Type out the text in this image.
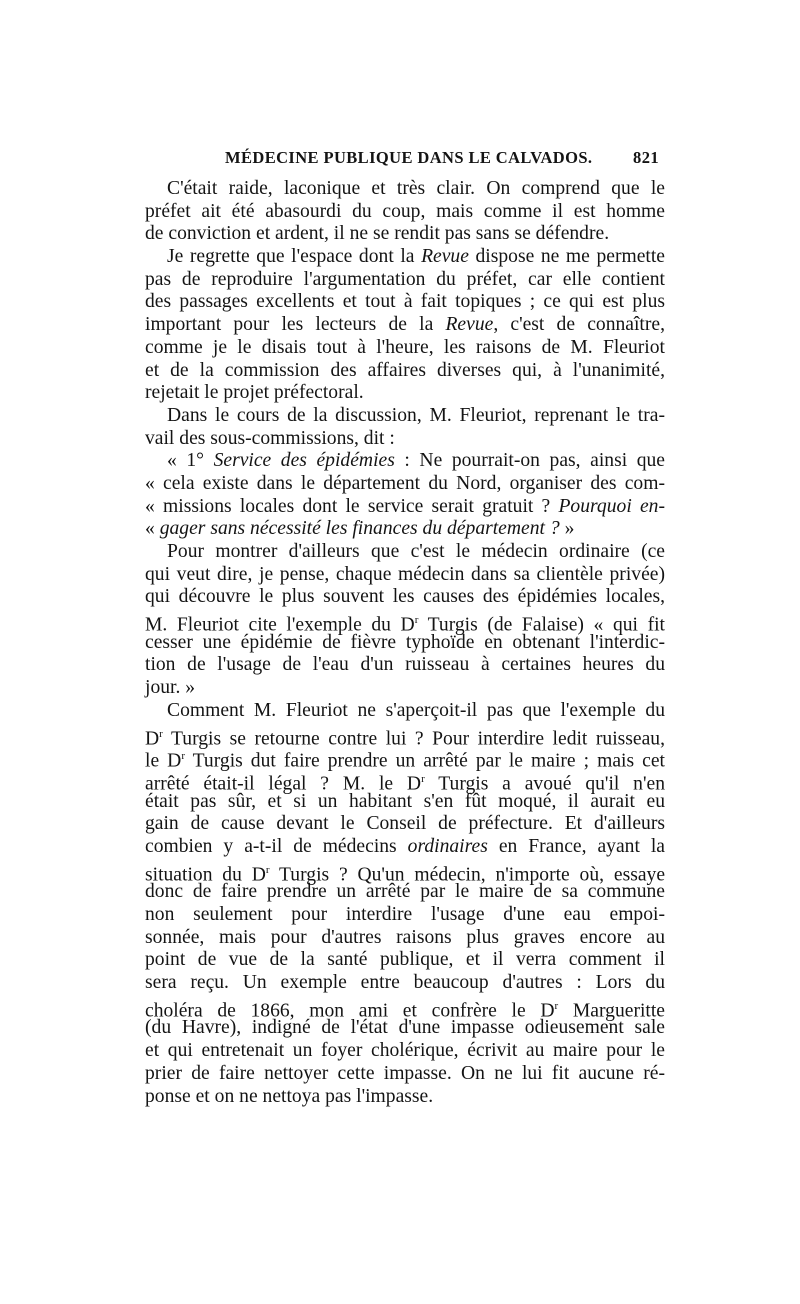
MÉDECINE PUBLIQUE DANS LE CALVADOS. 821
C'était raide, laconique et très clair. On comprend que le
préfet ait été abasourdi du coup, mais comme il est homme
de conviction et ardent, il ne se rendit pas sans se défendre.
Je regrette que l'espace dont la Revue dispose ne me permette
pas de reproduire l'argumentation du préfet, car elle contient
des passages excellents et tout à fait topiques ; ce qui est plus
important pour les lecteurs de la Revue, c'est de connaître,
comme je le disais tout à l'heure, les raisons de M. Fleuriot
et de la commission des affaires diverses qui, à l'unanimité,
rejetait le projet préfectoral.
Dans le cours de la discussion, M. Fleuriot, reprenant le tra-
vail des sous-commissions, dit :
« 1° Service des épidémies : Ne pourrait-on pas, ainsi que
« cela existe dans le département du Nord, organiser des com-
« missions locales dont le service serait gratuit ? Pourquoi en-
« gager sans nécessité les finances du département ? »
Pour montrer d'ailleurs que c'est le médecin ordinaire (ce
qui veut dire, je pense, chaque médecin dans sa clientèle privée)
qui découvre le plus souvent les causes des épidémies locales,
M. Fleuriot cite l'exemple du $D^r$ Turgis (de Falaise) « qui fit
cesser une épidémie de fièvre typhoïde en obtenant l'interdic-
tion de l'usage de l'eau d'un ruisseau à certaines heures du
jour. »
Comment M. Fleuriot ne s'aperçoit-il pas que l'exemple du
$D^r$ Turgis se retourne contre lui ? Pour interdire ledit ruisseau,
le $D^r$ Turgis dut faire prendre un arrêté par le maire ; mais cet
arrêté était-il légal ? M. le $D^r$ Turgis a avoué qu'il n'en
était pas sûr, et si un habitant s'en fût moqué, il aurait eu
gain de cause devant le Conseil de préfecture. Et d'ailleurs
combien y a-t-il de médecins ordinaires en France, ayant la
situation du $D^r$ Turgis ? Qu'un médecin, n'importe où, essaye
donc de faire prendre un arrêté par le maire de sa commune
non seulement pour interdire l'usage d'une eau empoi-
sonnée, mais pour d'autres raisons plus graves encore au
point de vue de la santé publique, et il verra comment il
sera reçu. Un exemple entre beaucoup d'autres : Lors du
choléra de 1866, mon ami et confrère le $D^r$ Margueritte
(du Havre), indigné de l'état d'une impasse odieusement sale
et qui entretenait un foyer cholérique, écrivit au maire pour le
prier de faire nettoyer cette impasse. On ne lui fit aucune ré-
ponse et on ne nettoya pas l'impasse.
